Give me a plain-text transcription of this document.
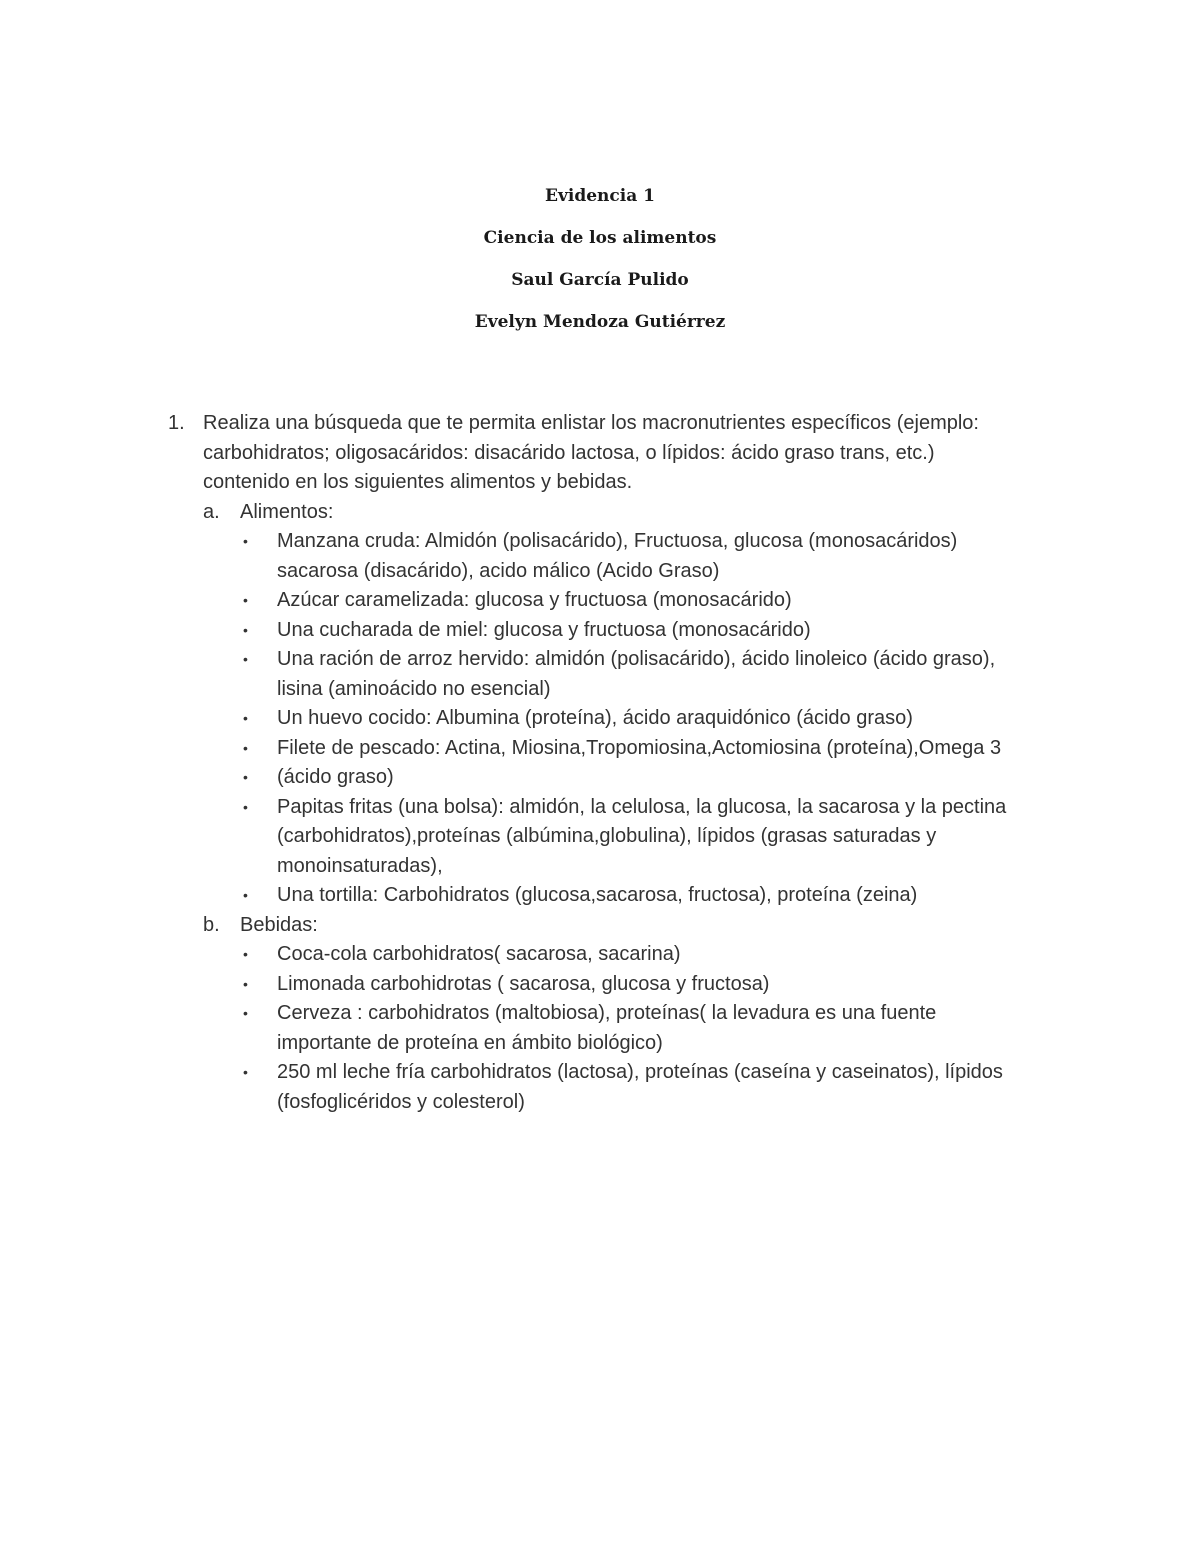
Evidencia 1
Ciencia de los alimentos
Saul García Pulido
Evelyn Mendoza Gutiérrez
1. Realiza una búsqueda que te permita enlistar los macronutrientes específicos (ejemplo:
carbohidratos; oligosacáridos: disacárido lactosa, o lípidos: ácido graso trans, etc.)
contenido en los siguientes alimentos y bebidas.
a. Alimentos:
• Manzana cruda: Almidón (polisacárido), Fructuosa, glucosa (monosacáridos)
sacarosa (disacárido), acido málico (Acido Graso)
• Azúcar caramelizada: glucosa y fructuosa (monosacárido)
• Una cucharada de miel: glucosa y fructuosa (monosacárido)
• Una ración de arroz hervido: almidón (polisacárido), ácido linoleico (ácido graso),
lisina (aminoácido no esencial)
• Un huevo cocido: Albumina (proteína), ácido araquidónico (ácido graso)
• Filete de pescado: Actina, Miosina,Tropomiosina,Actomiosina (proteína),Omega 3
• (ácido graso)
• Papitas fritas (una bolsa): almidón, la celulosa, la glucosa, la sacarosa y la pectina
(carbohidratos),proteínas (albúmina,globulina), lípidos (grasas saturadas y
monoinsaturadas),
• Una tortilla: Carbohidratos (glucosa,sacarosa, fructosa), proteína (zeina)
b. Bebidas:
• Coca-cola carbohidratos( sacarosa, sacarina)
• Limonada carbohidrotas ( sacarosa, glucosa y fructosa)
• Cerveza : carbohidratos (maltobiosa), proteínas( la levadura es una fuente
importante de proteína en ámbito biológico)
• 250 ml leche fría carbohidratos (lactosa), proteínas (caseína y caseinatos), lípidos
(fosfoglicéridos y colesterol)
